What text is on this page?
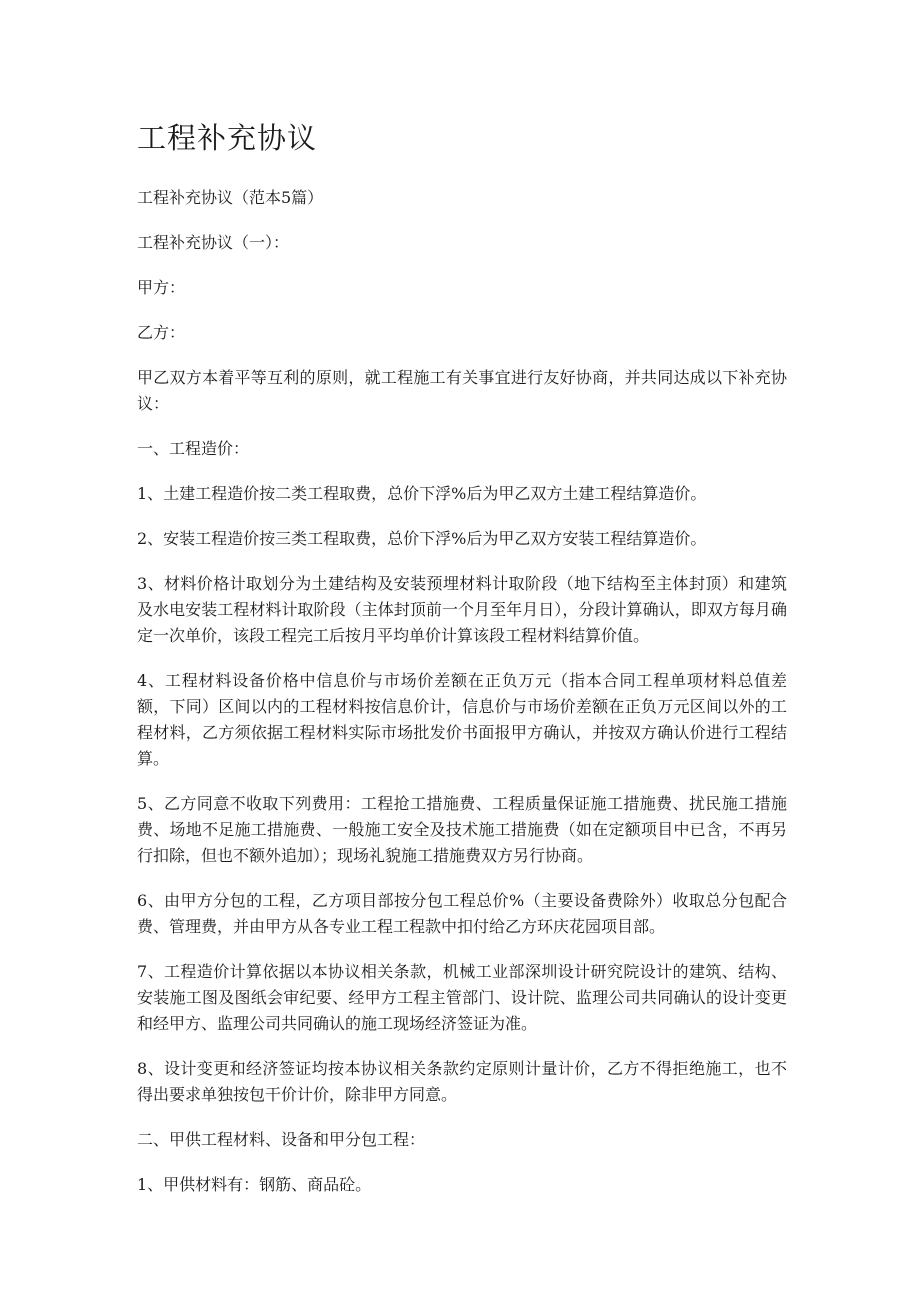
工程补充协议

工程补充协议（范本5篇）

工程补充协议（一）：

甲方：

乙方：

甲乙双方本着平等互利的原则，就工程施工有关事宜进行友好协商，并共同达成以下补充协议：

一、工程造价：

1、土建工程造价按二类工程取费，总价下浮%后为甲乙双方土建工程结算造价。

2、安装工程造价按三类工程取费，总价下浮%后为甲乙双方安装工程结算造价。

3、材料价格计取划分为土建结构及安装预埋材料计取阶段（地下结构至主体封顶）和建筑及水电安装工程材料计取阶段（主体封顶前一个月至年月日），分段计算确认，即双方每月确定一次单价，该段工程完工后按月平均单价计算该段工程材料结算价值。

4、工程材料设备价格中信息价与市场价差额在正负万元（指本合同工程单项材料总值差额，下同）区间以内的工程材料按信息价计，信息价与市场价差额在正负万元区间以外的工程材料，乙方须依据工程材料实际市场批发价书面报甲方确认，并按双方确认价进行工程结算。

5、乙方同意不收取下列费用：工程抢工措施费、工程质量保证施工措施费、扰民施工措施费、场地不足施工措施费、一般施工安全及技术施工措施费（如在定额项目中已含，不再另行扣除，但也不额外追加）；现场礼貌施工措施费双方另行协商。

6、由甲方分包的工程，乙方项目部按分包工程总价%（主要设备费除外）收取总分包配合费、管理费，并由甲方从各专业工程工程款中扣付给乙方环庆花园项目部。

7、工程造价计算依据以本协议相关条款，机械工业部深圳设计研究院设计的建筑、结构、安装施工图及图纸会审纪要、经甲方工程主管部门、设计院、监理公司共同确认的设计变更和经甲方、监理公司共同确认的施工现场经济签证为准。

8、设计变更和经济签证均按本协议相关条款约定原则计量计价，乙方不得拒绝施工，也不得出要求单独按包干价计价，除非甲方同意。

二、甲供工程材料、设备和甲分包工程：

1、甲供材料有：钢筋、商品砼。
